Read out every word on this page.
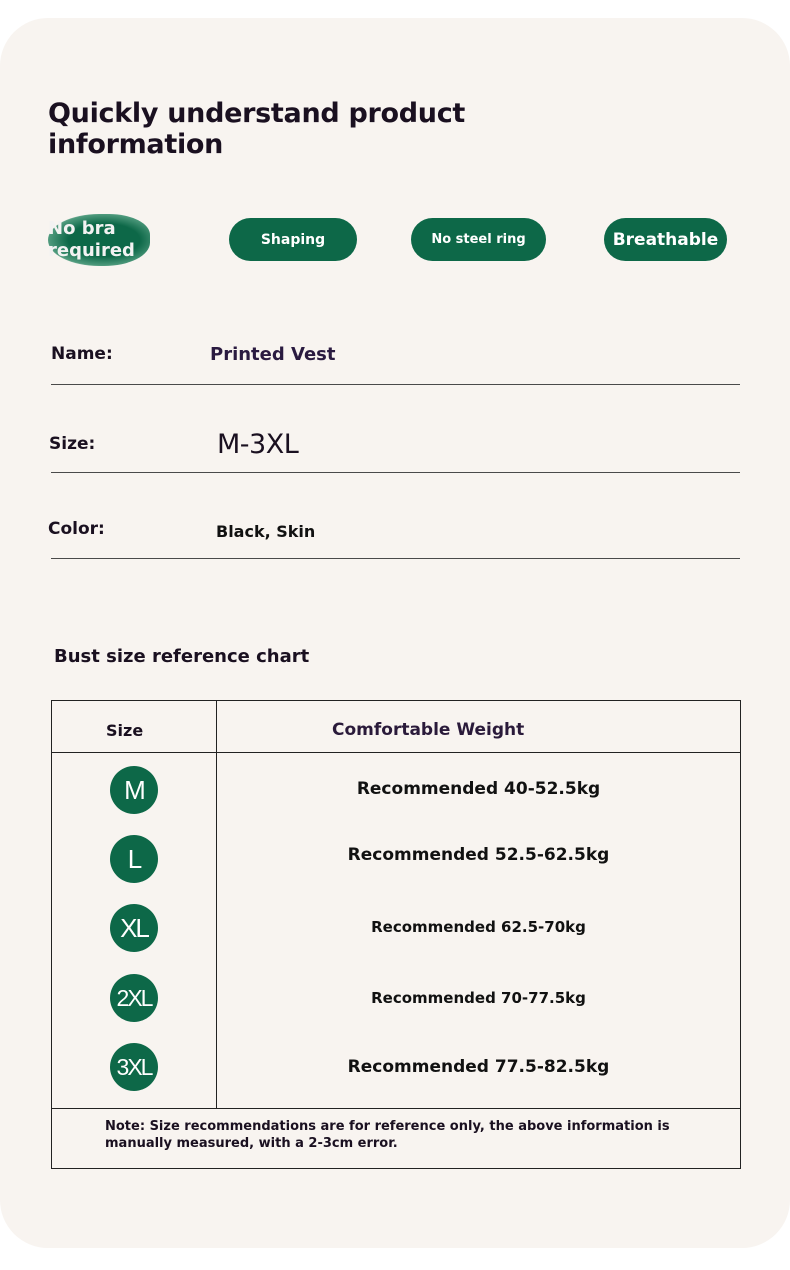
Quickly understand product information
No bra required
Shaping	No steel ring	Breathable
Name:	Printed Vest
Size:	M-3XL
Color:	Black, Skin
Bust size reference chart
Size	Comfortable Weight
M	Recommended 40-52.5kg
L	Recommended 52.5-62.5kg
XL	Recommended 62.5-70kg
2XL	Recommended 70-77.5kg
3XL	Recommended 77.5-82.5kg
Note: Size recommendations are for reference only, the above information is manually measured, with a 2-3cm error.
